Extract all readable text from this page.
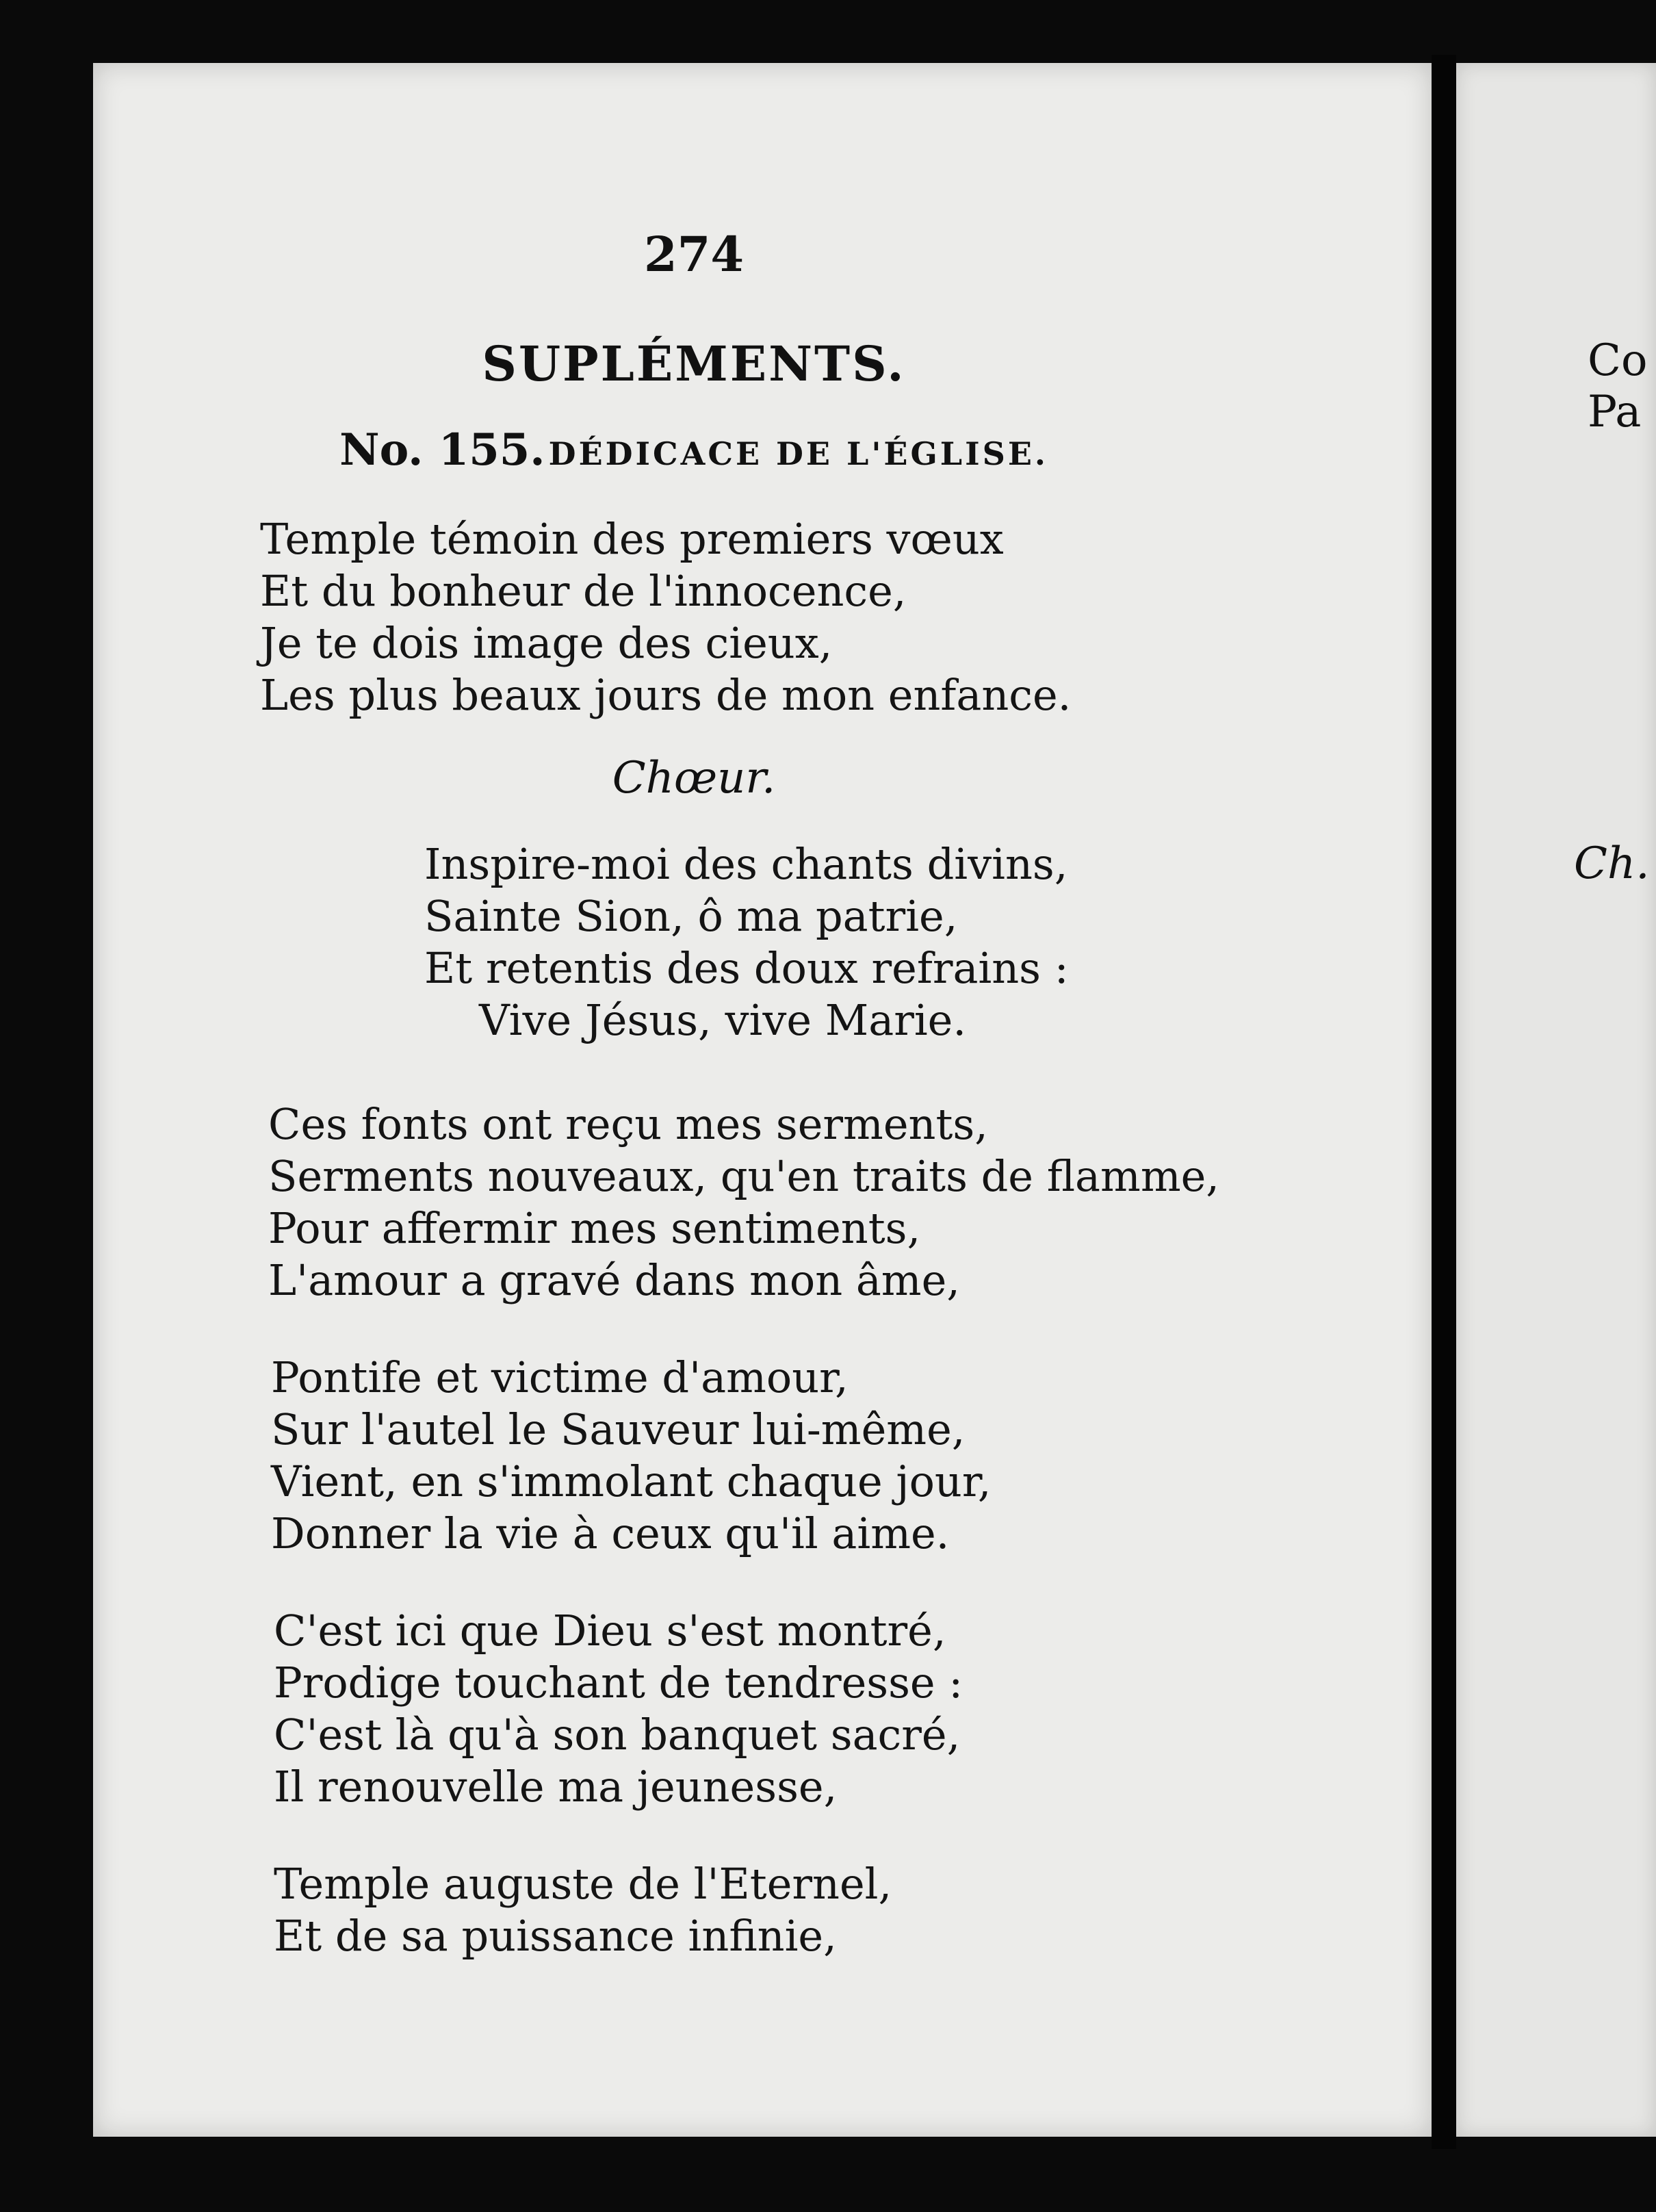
274
SUPLÉMENTS.
No. 155. DÉDICACE DE L'ÉGLISE.
Temple témoin des premiers vœux
Et du bonheur de l'innocence,
Je te dois image des cieux,
Les plus beaux jours de mon enfance.
Chœur.
Inspire-moi des chants divins,
Sainte Sion, ô ma patrie,
Et retentis des doux refrains :
Vive Jésus, vive Marie.
Ces fonts ont reçu mes serments,
Serments nouveaux, qu'en traits de flamme,
Pour affermir mes sentiments,
L'amour a gravé dans mon âme,
Pontife et victime d'amour,
Sur l'autel le Sauveur lui-même,
Vient, en s'immolant chaque jour,
Donner la vie à ceux qu'il aime.
C'est ici que Dieu s'est montré,
Prodige touchant de tendresse :
C'est là qu'à son banquet sacré,
Il renouvelle ma jeunesse,
Temple auguste de l'Eternel,
Et de sa puissance infinie,
Co
Pa
Ch.
